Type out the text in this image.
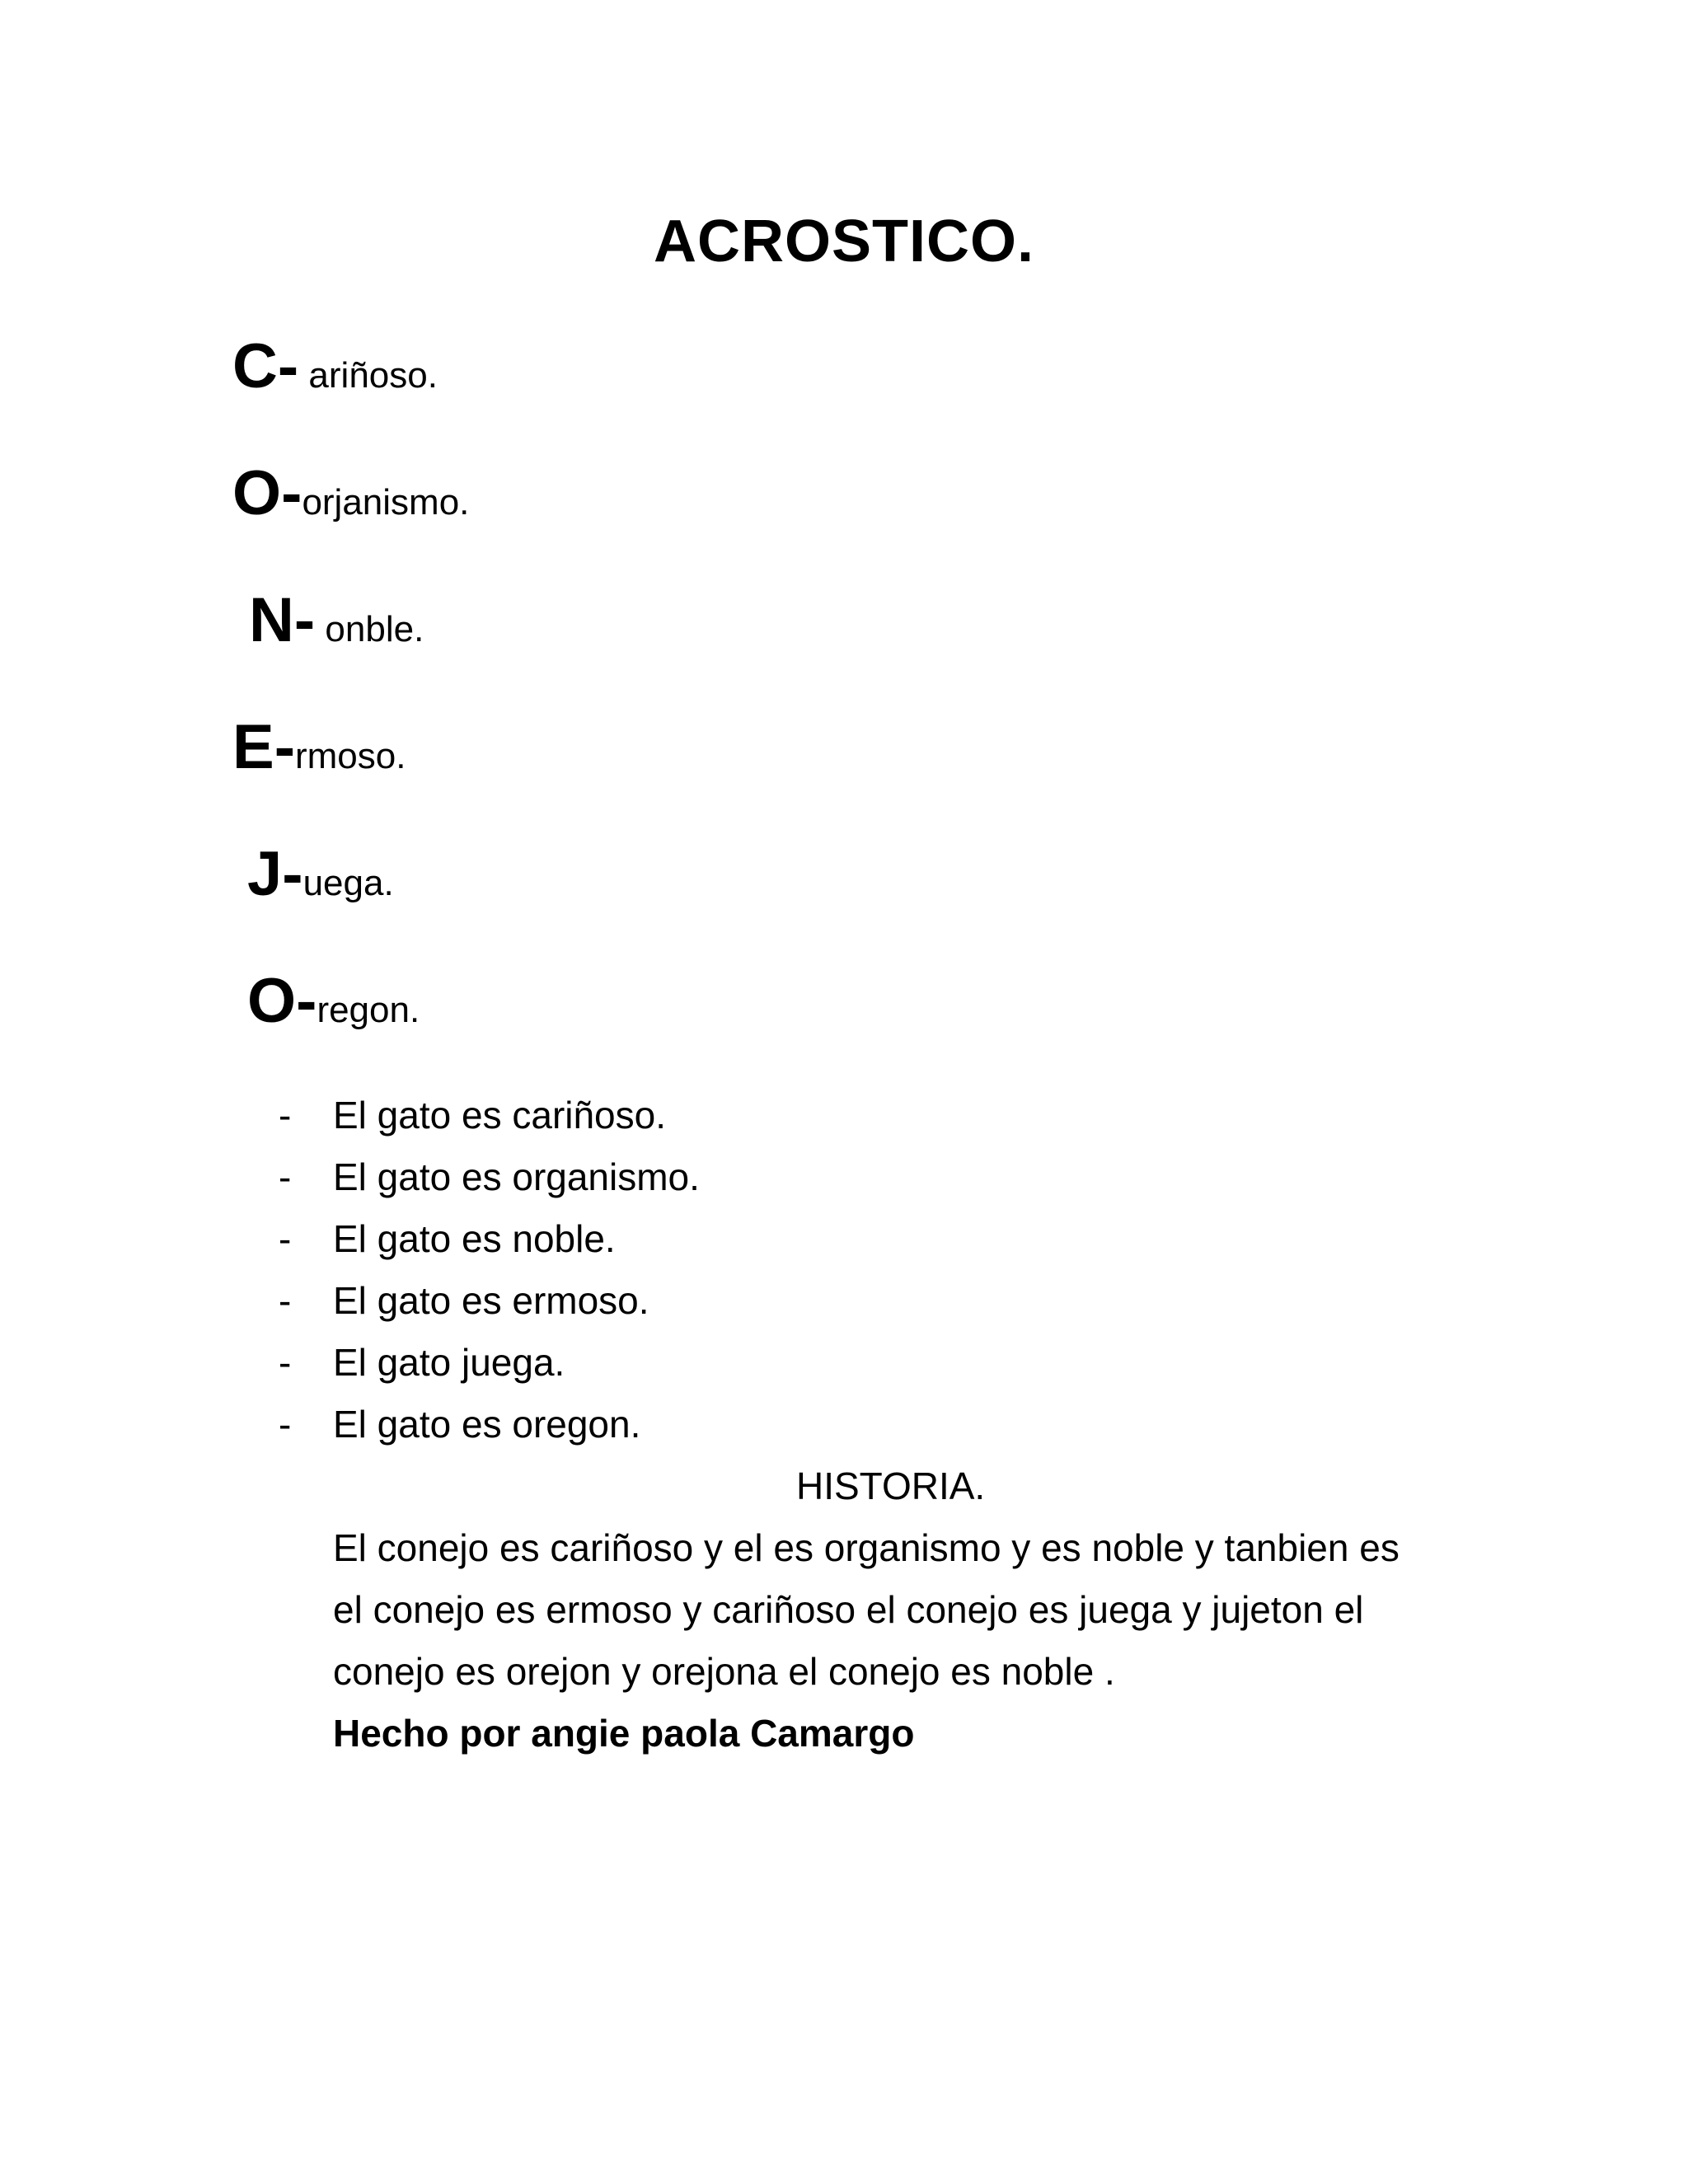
ACROSTICO.
C- ariñoso.
O-orjanismo.
N- onble.
E-rmoso.
J-uega.
O-regon.
-	El gato es cariñoso.
-	El gato es organismo.
-	El gato es noble.
-	El gato es ermoso.
-	El gato juega.
-	El gato es oregon.
HISTORIA.
El conejo es cariñoso y el es organismo y es noble y tanbien es
el conejo es ermoso y cariñoso el conejo es juega y jujeton el
conejo es orejon y orejona el conejo es noble .
Hecho por angie paola Camargo
